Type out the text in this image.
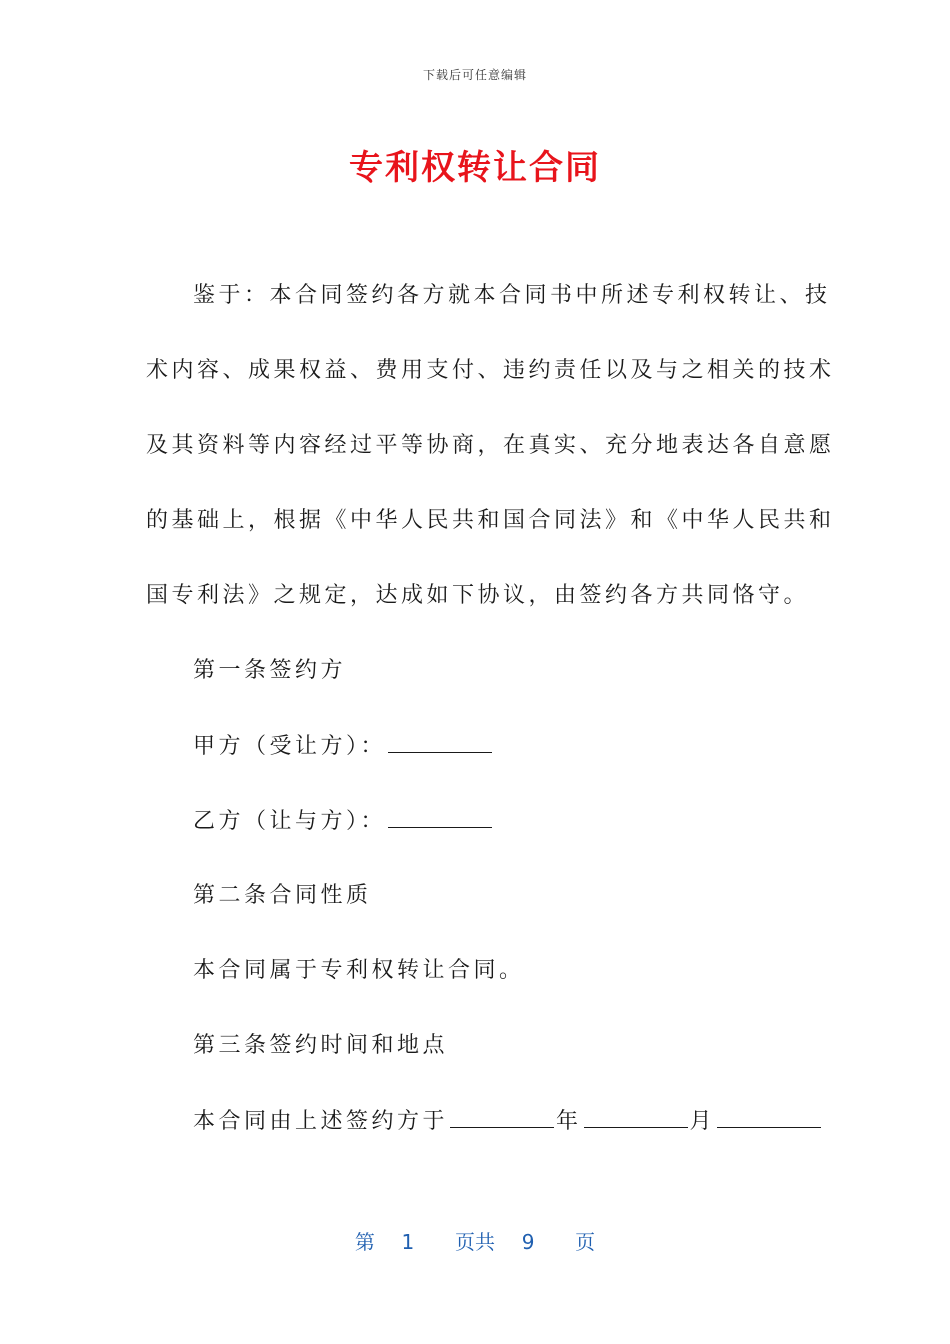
下载后可任意编辑
专利权转让合同
鉴于：本合同签约各方就本合同书中所述专利权转让、技
术内容、成果权益、费用支付、违约责任以及与之相关的技术
及其资料等内容经过平等协商，在真实、充分地表达各自意愿
的基础上，根据《中华人民共和国合同法》和《中华人民共和
国专利法》之规定，达成如下协议，由签约各方共同恪守。
第一条签约方
甲方（受让方）：
乙方（让与方）：
第二条合同性质
本合同属于专利权转让合同。
第三条签约时间和地点
本合同由上述签约方于	年	月
第 1 页共 9 页
